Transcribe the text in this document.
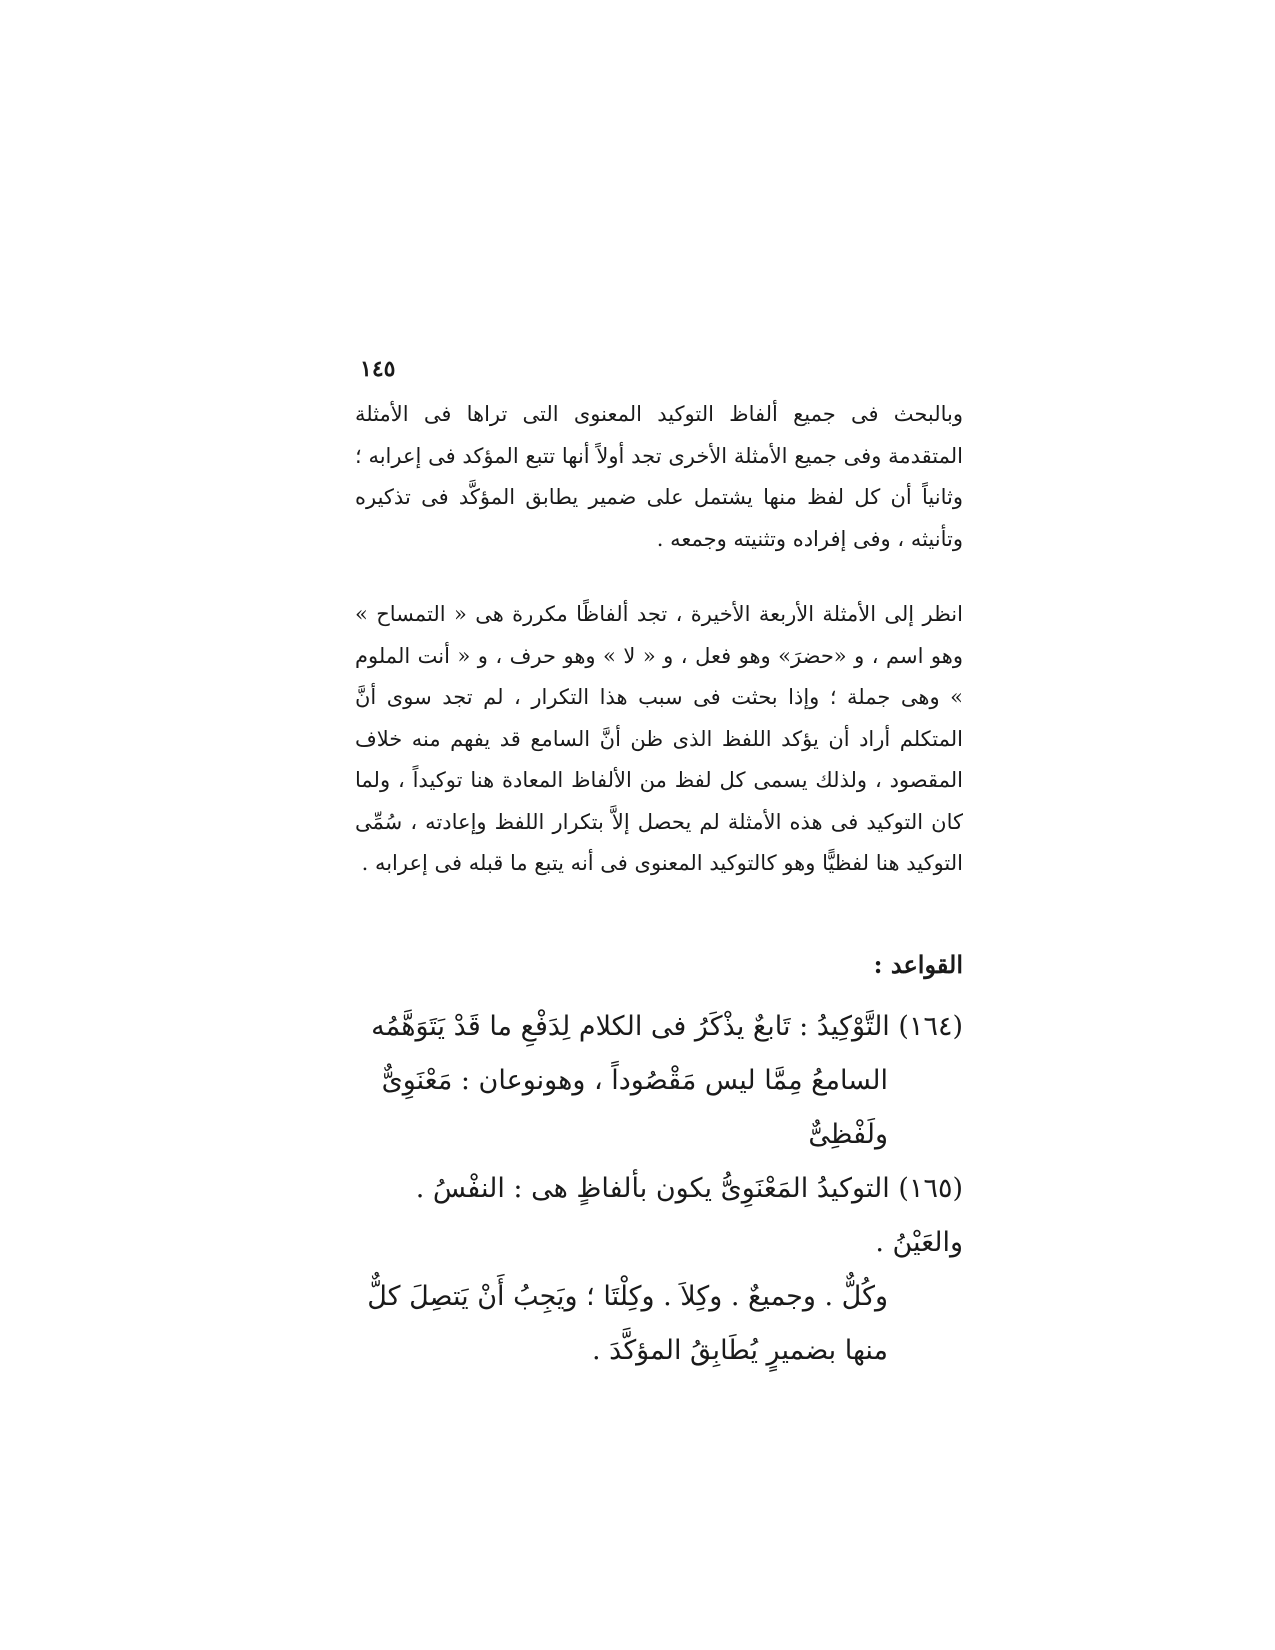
١٤٥

وبالبحث فى جميع ألفاظ التوكيد المعنوى التى تراها فى الأمثلة المتقدمة وفى جميع الأمثلة الأخرى تجد أولاً أنها تتبع المؤكد فى إعرابه ؛ وثانياً أن كل لفظ منها يشتمل على ضمير يطابق المؤكَّد فى تذكيره وتأنيثه ، وفى إفراده وتثنيته وجمعه .

انظر إلى الأمثلة الأربعة الأخيرة ، تجد ألفاظًا مكررة هى « التمساح » وهو اسم ، و «حضرَ» وهو فعل ، و « لا » وهو حرف ، و « أنت الملوم » وهى جملة ؛ وإذا بحثت فى سبب هذا التكرار ، لم تجد سوى أنَّ المتكلم أراد أن يؤكد اللفظ الذى ظن أنَّ السامع قد يفهم منه خلاف المقصود ، ولذلك يسمى كل لفظ من الألفاظ المعادة هنا توكيداً ، ولما كان التوكيد فى هذه الأمثلة لم يحصل إلاَّ بتكرار اللفظ وإعادته ، سُمِّى التوكيد هنا لفظيًّا وهو كالتوكيد المعنوى فى أنه يتبع ما قبله فى إعرابه .

القواعد :
(١٦٤) التَّوْكِيدُ : تَابعٌ يذْكَرُ فى الكلام لِدَفْعِ ما قَدْ يَتَوَهَّمُه
السامعُ مِمَّا ليس مَقْصُوداً ، وهونوعان : مَعْنَوِىٌّ ولَفْظِىٌّ
(١٦٥) التوكيدُ المَعْنَوِىُّ يكون بألفاظٍ هى : النفْسُ . والعَيْنُ .
وكُلٌّ . وجميعٌ . وكِلاَ . وكِلْتَا ؛ ويَجِبُ أَنْ يَتصِلَ كلٌّ منها بضميرٍ يُطَابِقُ المؤكَّدَ .
